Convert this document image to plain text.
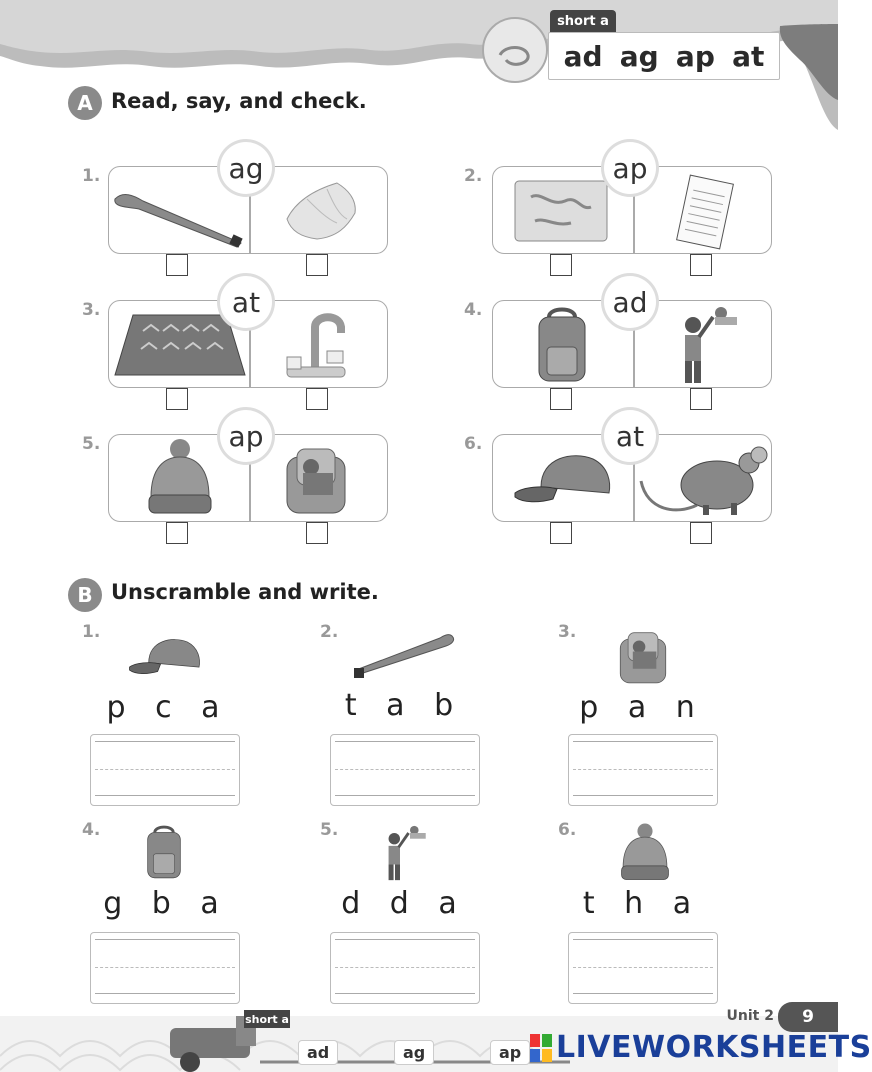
short a
ad ag ap at
A Read, say, and check.
1.	ag	2.	ap
3.	at	4.	ad
5.	ap	6.	at
B Unscramble and write.
1.
p c a
2.
t a b
3.
p a n
4.
g b a
5.
d d a
6.
t h a
short a
ad	ag	ap
Unit 2	9
LIVEWORKSHEETS
